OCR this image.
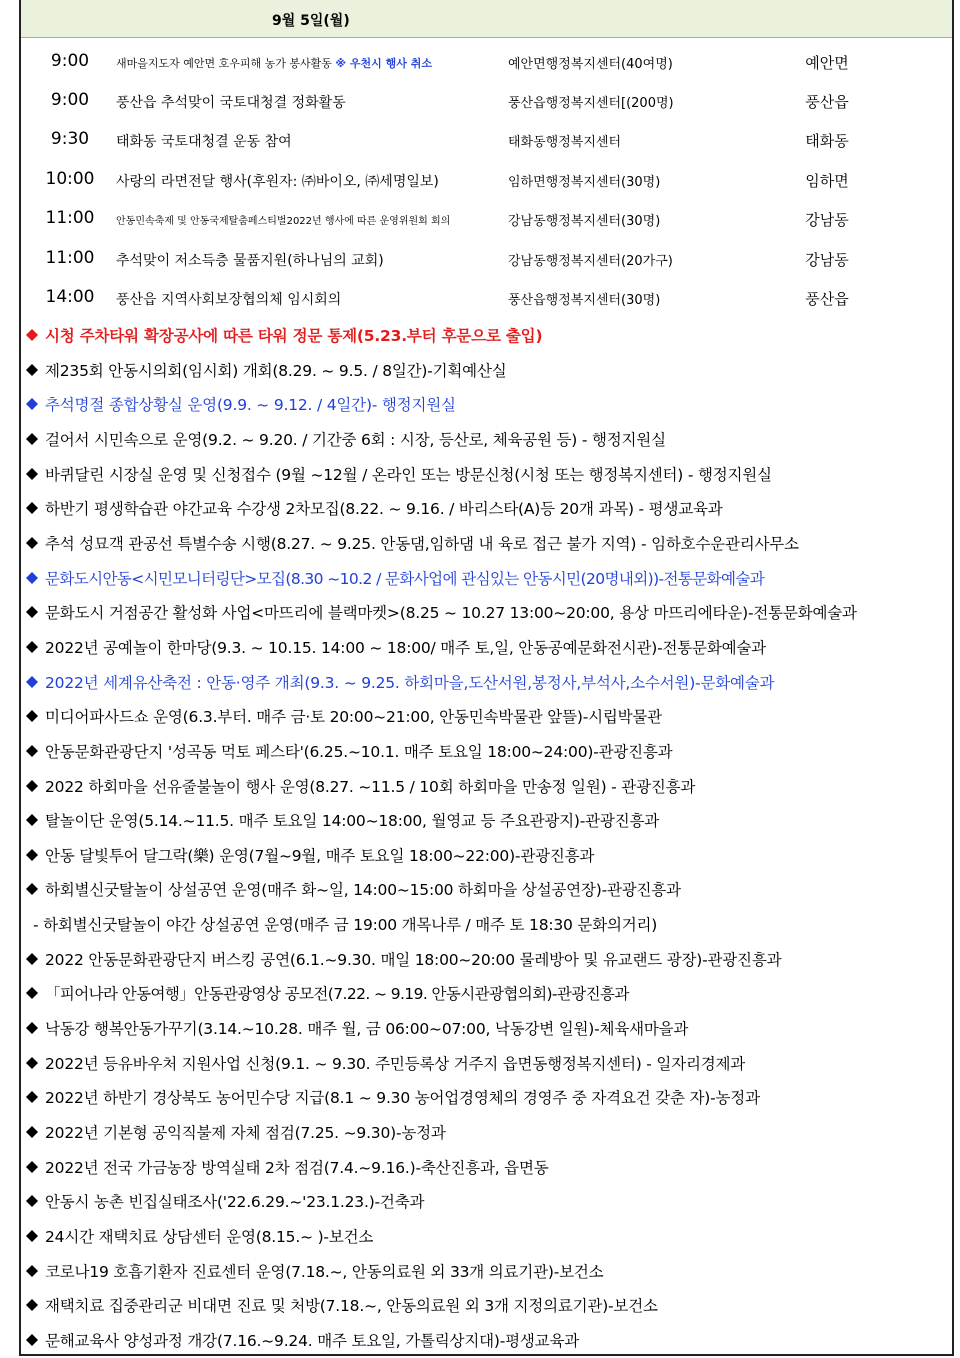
9월 5일(월)
9:00	새마을지도자 예안면 호우피해 농가 봉사활동 ※ 우천시 행사 취소	예안면행정복지센터(40여명)	예안면
9:00	풍산읍 추석맞이 국토대청결 정화활동	풍산읍행정복지센터[(200명)	풍산읍
9:30	태화동 국토대청결 운동 참여	태화동행정복지센터	태화동
10:00	사랑의 라면전달 행사(후원자: ㈜바이오, ㈜세명일보)	임하면행정복지센터(30명)	임하면
11:00	안동민속축제 및 안동국제탈춤페스티벌2022년 행사에 따른 운영위원회 회의	강남동행정복지센터(30명)	강남동
11:00	추석맞이 저소득층 물품지원(하나님의 교회)	강남동행정복지센터(20가구)	강남동
14:00	풍산읍 지역사회보장협의체 임시회의	풍산읍행정복지센터(30명)	풍산읍
시청 주차타워 확장공사에 따른 타워 정문 통제(5.23.부터 후문으로 출입)
제235회 안동시의회(임시회) 개회(8.29. ~ 9.5. / 8일간)-기획예산실
추석명절 종합상황실 운영(9.9. ~ 9.12. / 4일간)- 행정지원실
걸어서 시민속으로 운영(9.2. ~ 9.20. / 기간중 6회 : 시장, 등산로, 체육공원 등) - 행정지원실
바퀴달린 시장실 운영 및 신청접수 (9월 ~12월 / 온라인 또는 방문신청(시청 또는 행정복지센터) - 행정지원실
하반기 평생학습관 야간교육 수강생 2차모집(8.22. ~ 9.16. / 바리스타(A)등 20개 과목) - 평생교육과
추석 성묘객 관공선 특별수송 시행(8.27. ~ 9.25. 안동댐,임하댐 내 육로 접근 불가 지역) - 임하호수운관리사무소
문화도시안동<시민모니터링단>모집(8.30 ~10.2 / 문화사업에 관심있는 안동시민(20명내외))-전통문화예술과
문화도시 거점공간 활성화 사업<마뜨리에 블랙마켓>(8.25 ~ 10.27 13:00~20:00, 용상 마뜨리에타운)-전통문화예술과
2022년 공예놀이 한마당(9.3. ~ 10.15. 14:00 ~ 18:00/ 매주 토,일, 안동공예문화전시관)-전통문화예술과
2022년 세계유산축전 : 안동·영주 개최(9.3. ~ 9.25. 하회마을,도산서원,봉정사,부석사,소수서원)-문화예술과
미디어파사드쇼 운영(6.3.부터. 매주 금·토 20:00~21:00, 안동민속박물관 앞뜰)-시립박물관
안동문화관광단지 '성곡동 먹토 페스타'(6.25.~10.1. 매주 토요일 18:00~24:00)-관광진흥과
2022 하회마을 선유줄불놀이 행사 운영(8.27. ~11.5 / 10회 하회마을 만송정 일원) - 관광진흥과
탈놀이단 운영(5.14.~11.5. 매주 토요일 14:00~18:00, 월영교 등 주요관광지)-관광진흥과
안동 달빛투어 달그락(樂) 운영(7월~9월, 매주 토요일 18:00~22:00)-관광진흥과
하회별신굿탈놀이 상설공연 운영(매주 화~일, 14:00~15:00 하회마을 상설공연장)-관광진흥과
- 하회별신굿탈놀이 야간 상설공연 운영(매주 금 19:00 개목나루 / 매주 토 18:30 문화의거리)
2022 안동문화관광단지 버스킹 공연(6.1.~9.30. 매일 18:00~20:00 물레방아 및 유교랜드 광장)-관광진흥과
「피어나라 안동여행」안동관광영상 공모전(7.22. ~ 9.19. 안동시관광협의회)-관광진흥과
낙동강 행복안동가꾸기(3.14.~10.28. 매주 월, 금 06:00~07:00, 낙동강변 일원)-체육새마을과
2022년 등유바우처 지원사업 신청(9.1. ~ 9.30. 주민등록상 거주지 읍면동행정복지센터) - 일자리경제과
2022년 하반기 경상북도 농어민수당 지급(8.1 ~ 9.30 농어업경영체의 경영주 중 자격요건 갖춘 자)-농정과
2022년 기본형 공익직불제 자체 점검(7.25. ~9.30)-농정과
2022년 전국 가금농장 방역실태 2차 점검(7.4.~9.16.)-축산진흥과, 읍면동
안동시 농촌 빈집실태조사('22.6.29.~'23.1.23.)-건축과
24시간 재택치료 상담센터 운영(8.15.~ )-보건소
코로나19 호흡기환자 진료센터 운영(7.18.~, 안동의료원 외 33개 의료기관)-보건소
재택치료 집중관리군 비대면 진료 및 처방(7.18.~, 안동의료원 외 3개 지정의료기관)-보건소
문해교육사 양성과정 개강(7.16.~9.24. 매주 토요일, 가톨릭상지대)-평생교육과
